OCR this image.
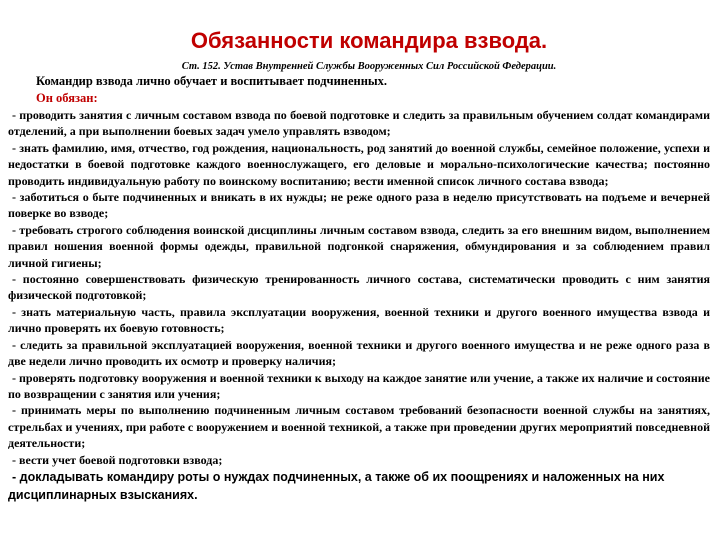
Обязанности командира взвода.

Ст. 152. Устав Внутренней Службы Вооруженных Сил Российской Федерации.

Командир взвода лично обучает и воспитывает подчиненных.

Он обязан:

- проводить занятия с личным составом взвода по боевой подготовке и следить за правильным обучением солдат командирами отделений, а при выполнении боевых задач умело управлять взводом;
- знать фамилию, имя, отчество, год рождения, национальность, род занятий до военной службы, семейное положение, успехи и недостатки в боевой подготовке каждого военнослужащего, его деловые и морально-психологические качества; постоянно проводить индивидуальную работу по воинскому воспитанию; вести именной список личного состава взвода;
- заботиться о быте подчиненных и вникать в их нужды; не реже одного раза в неделю присутствовать на подъеме и вечерней поверке во взводе;
- требовать строгого соблюдения воинской дисциплины личным составом взвода, следить за его внешним видом, выполнением правил ношения военной формы одежды, правильной подгонкой снаряжения, обмундирования и за соблюдением правил личной гигиены;
- постоянно совершенствовать физическую тренированность личного состава, систематически проводить с ним занятия физической подготовкой;
- знать материальную часть, правила эксплуатации вооружения, военной техники и другого военного имущества взвода и лично проверять их боевую готовность;
- следить за правильной эксплуатацией вооружения, военной техники и другого военного имущества и не реже одного раза в две недели лично проводить их осмотр и проверку наличия;
- проверять подготовку вооружения и военной техники к выходу на каждое занятие или учение, а также их наличие и состояние по возвращении с занятия или учения;
- принимать меры по выполнению подчиненным личным составом требований безопасности военной службы на занятиях, стрельбах и учениях, при работе с вооружением и военной техникой, а также при проведении других мероприятий повседневной деятельности;
- вести учет боевой подготовки взвода;
- докладывать командиру роты о нуждах подчиненных, а также об их поощрениях и наложенных на них дисциплинарных взысканиях.
